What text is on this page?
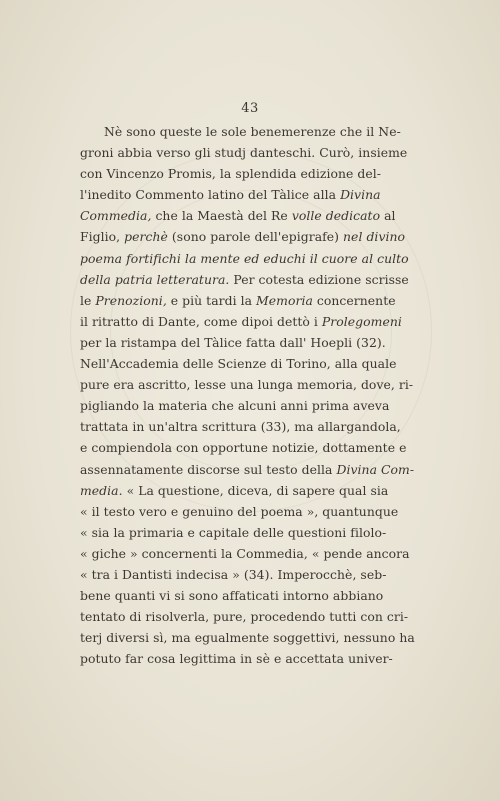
43
Nè sono queste le sole benemerenze che il Ne-
groni abbia verso gli studj danteschi. Curò, insieme
con Vincenzo Promis, la splendida edizione del-
l'inedito Commento latino del Tàlice alla Divina
Commedia, che la Maestà del Re volle dedicato al
Figlio, perchè (sono parole dell'epigrafe) nel divino
poema fortifichi la mente ed educhi il cuore al culto
della patria letteratura. Per cotesta edizione scrisse
le Prenozioni, e più tardi la Memoria concernente
il ritratto di Dante, come dipoi dettò i Prolegomeni
per la ristampa del Tàlice fatta dall' Hoepli (32).
Nell'Accademia delle Scienze di Torino, alla quale
pure era ascritto, lesse una lunga memoria, dove, ri-
pigliando la materia che alcuni anni prima aveva
trattata in un'altra scrittura (33), ma allargandola,
e compiendola con opportune notizie, dottamente e
assennatamente discorse sul testo della Divina Com-
media. « La questione, diceva, di sapere qual sia
« il testo vero e genuino del poema », quantunque
« sia la primaria e capitale delle questioni filolo-
« giche » concernenti la Commedia, « pende ancora
« tra i Dantisti indecisa » (34). Imperocchè, seb-
bene quanti vi si sono affaticati intorno abbiano
tentato di risolverla, pure, procedendo tutti con cri-
terj diversi sì, ma egualmente soggettivi, nessuno ha
potuto far cosa legittima in sè e accettata univer-
